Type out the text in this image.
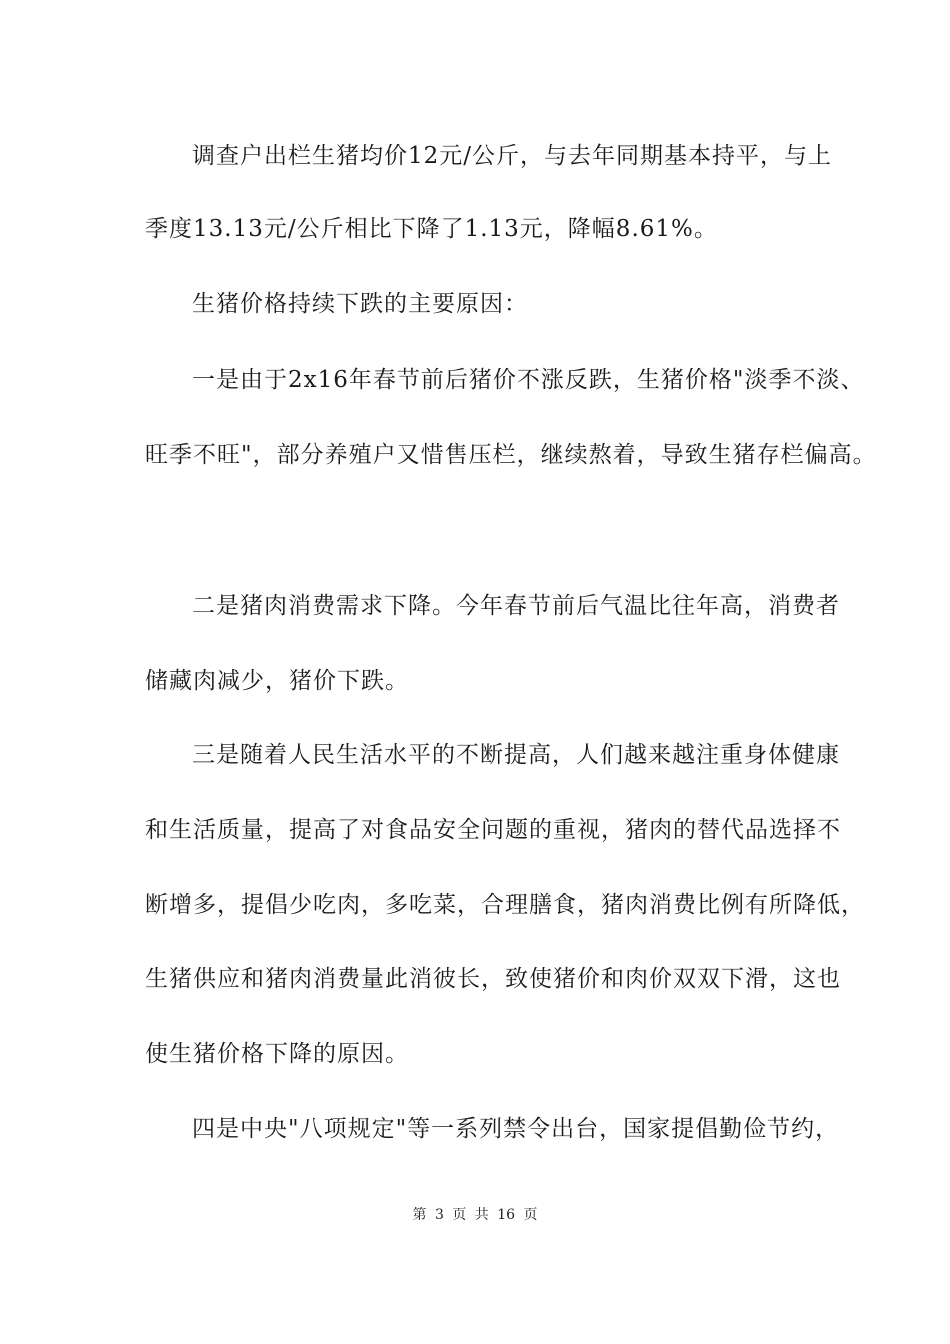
调查户出栏生猪均价12元/公斤，与去年同期基本持平，与上
季度13.13元/公斤相比下降了1.13元，降幅8.61%。
生猪价格持续下跌的主要原因：
一是由于2x16年春节前后猪价不涨反跌，生猪价格"淡季不淡、
旺季不旺"，部分养殖户又惜售压栏，继续熬着，导致生猪存栏偏高。
二是猪肉消费需求下降。今年春节前后气温比往年高，消费者
储藏肉减少，猪价下跌。
三是随着人民生活水平的不断提高，人们越来越注重身体健康
和生活质量，提高了对食品安全问题的重视，猪肉的替代品选择不
断增多，提倡少吃肉，多吃菜，合理膳食，猪肉消费比例有所降低，
生猪供应和猪肉消费量此消彼长，致使猪价和肉价双双下滑，这也
使生猪价格下降的原因。
四是中央"八项规定"等一系列禁令出台，国家提倡勤俭节约，
第 3 页 共 16 页
